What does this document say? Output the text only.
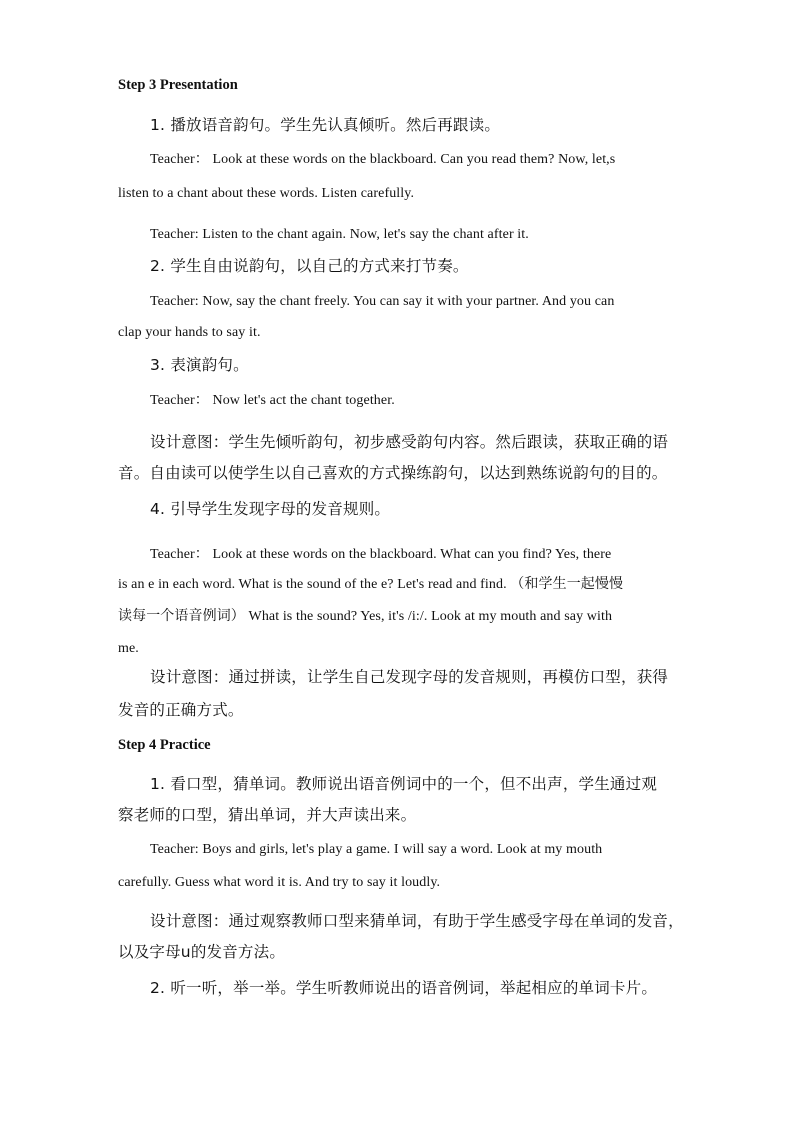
Step 3 Presentation
1. 播放语音韵句。学生先认真倾听。然后再跟读。
Teacher： Look at these words on the blackboard. Can you read them? Now, let,s
listen to a chant about these words. Listen carefully.
Teacher: Listen to the chant again. Now, let's say the chant after it.
2. 学生自由说韵句，以自己的方式来打节奏。
Teacher: Now, say the chant freely. You can say it with your partner. And you can
clap your hands to say it.
3. 表演韵句。
Teacher： Now let's act the chant together.
设计意图：学生先倾听韵句，初步感受韵句内容。然后跟读，获取正确的语
音。自由读可以使学生以自己喜欢的方式操练韵句，以达到熟练说韵句的目的。
4. 引导学生发现字母的发音规则。
Teacher： Look at these words on the blackboard. What can you find? Yes, there
is an e in each word. What is the sound of the e? Let's read and find. （和学生一起慢慢
读每一个语音例词） What is the sound? Yes, it's /i:/. Look at my mouth and say with
me.
设计意图：通过拼读，让学生自己发现字母的发音规则，再模仿口型，获得
发音的正确方式。
Step 4 Practice
1. 看口型，猜单词。教师说出语音例词中的一个，但不出声，学生通过观
察老师的口型，猜出单词，并大声读出来。
Teacher: Boys and girls, let's play a game. I will say a word. Look at my mouth
carefully. Guess what word it is. And try to say it loudly.
设计意图：通过观察教师口型来猜单词，有助于学生感受字母在单词的发音，
以及字母u的发音方法。
2. 听一听，举一举。学生听教师说出的语音例词，举起相应的单词卡片。
